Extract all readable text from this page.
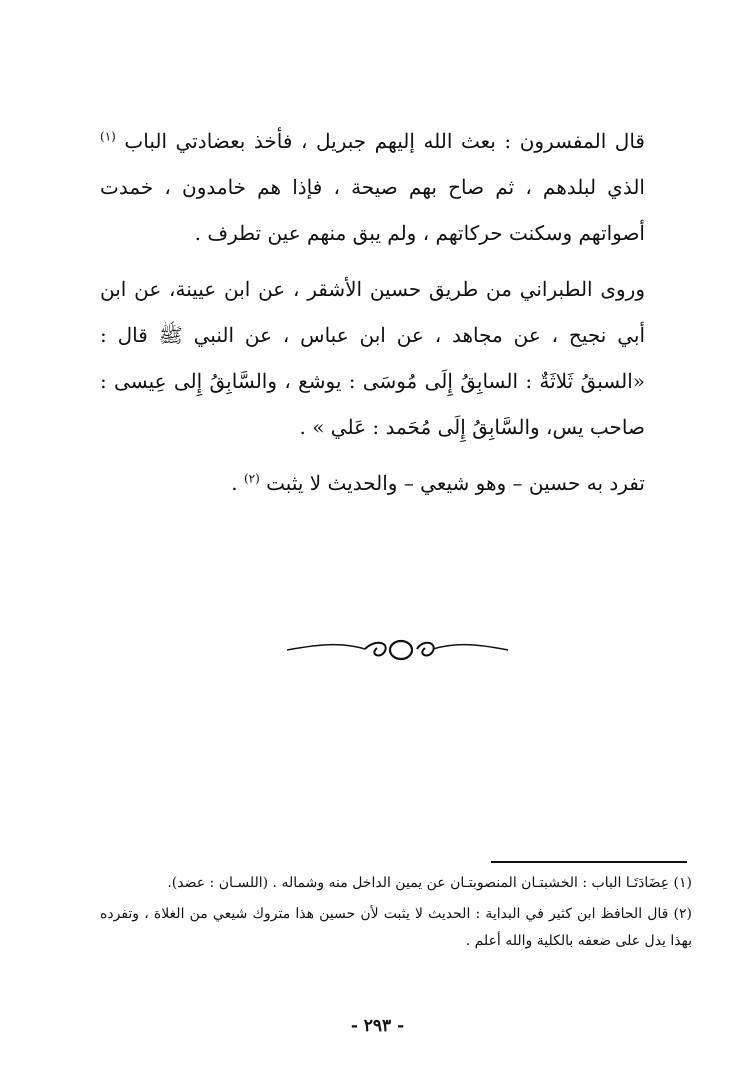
قال المفسرون : بعث الله إليهم جبريل ، فأخذ بعضادتي الباب $^{(١)}$ الذي لبلدهم ، ثم صاح بهم صيحة ، فإذا هم خامدون ، خمدت أصواتهم وسكنت حركاتهم ، ولم يبق منهم عين تطرف .

وروى الطبراني من طريق حسين الأشقر ، عن ابن عيينة، عن ابن أبي نجيح ، عن مجاهد ، عن ابن عباس ، عن النبي ﷺ قال : «السبقُ ثَلاثَةٌ : السابِقُ إِلَى مُوسَى : يوشع ، والسَّابِقُ إِلى عِيسى : صاحب يس، والسَّابِقُ إِلَى مُحَمد : عَلي » .

تفرد به حسين – وهو شيعي – والحديث لا يثبت $^{(٢)}$ .

(١) عِضَادَتَـا الباب : الخشبتـان المنصوبتـان عن يمين الداخل منه وشماله . (اللسـان : عضد).

(٢) قال الحافظ ابن كثير في البداية : الحديث لا يثبت لأن حسين هذا متروك شيعي من الغلاة ، وتفرده بهذا يدل على ضعفه بالكلية والله أعلم .

- ٢٩٣ -
